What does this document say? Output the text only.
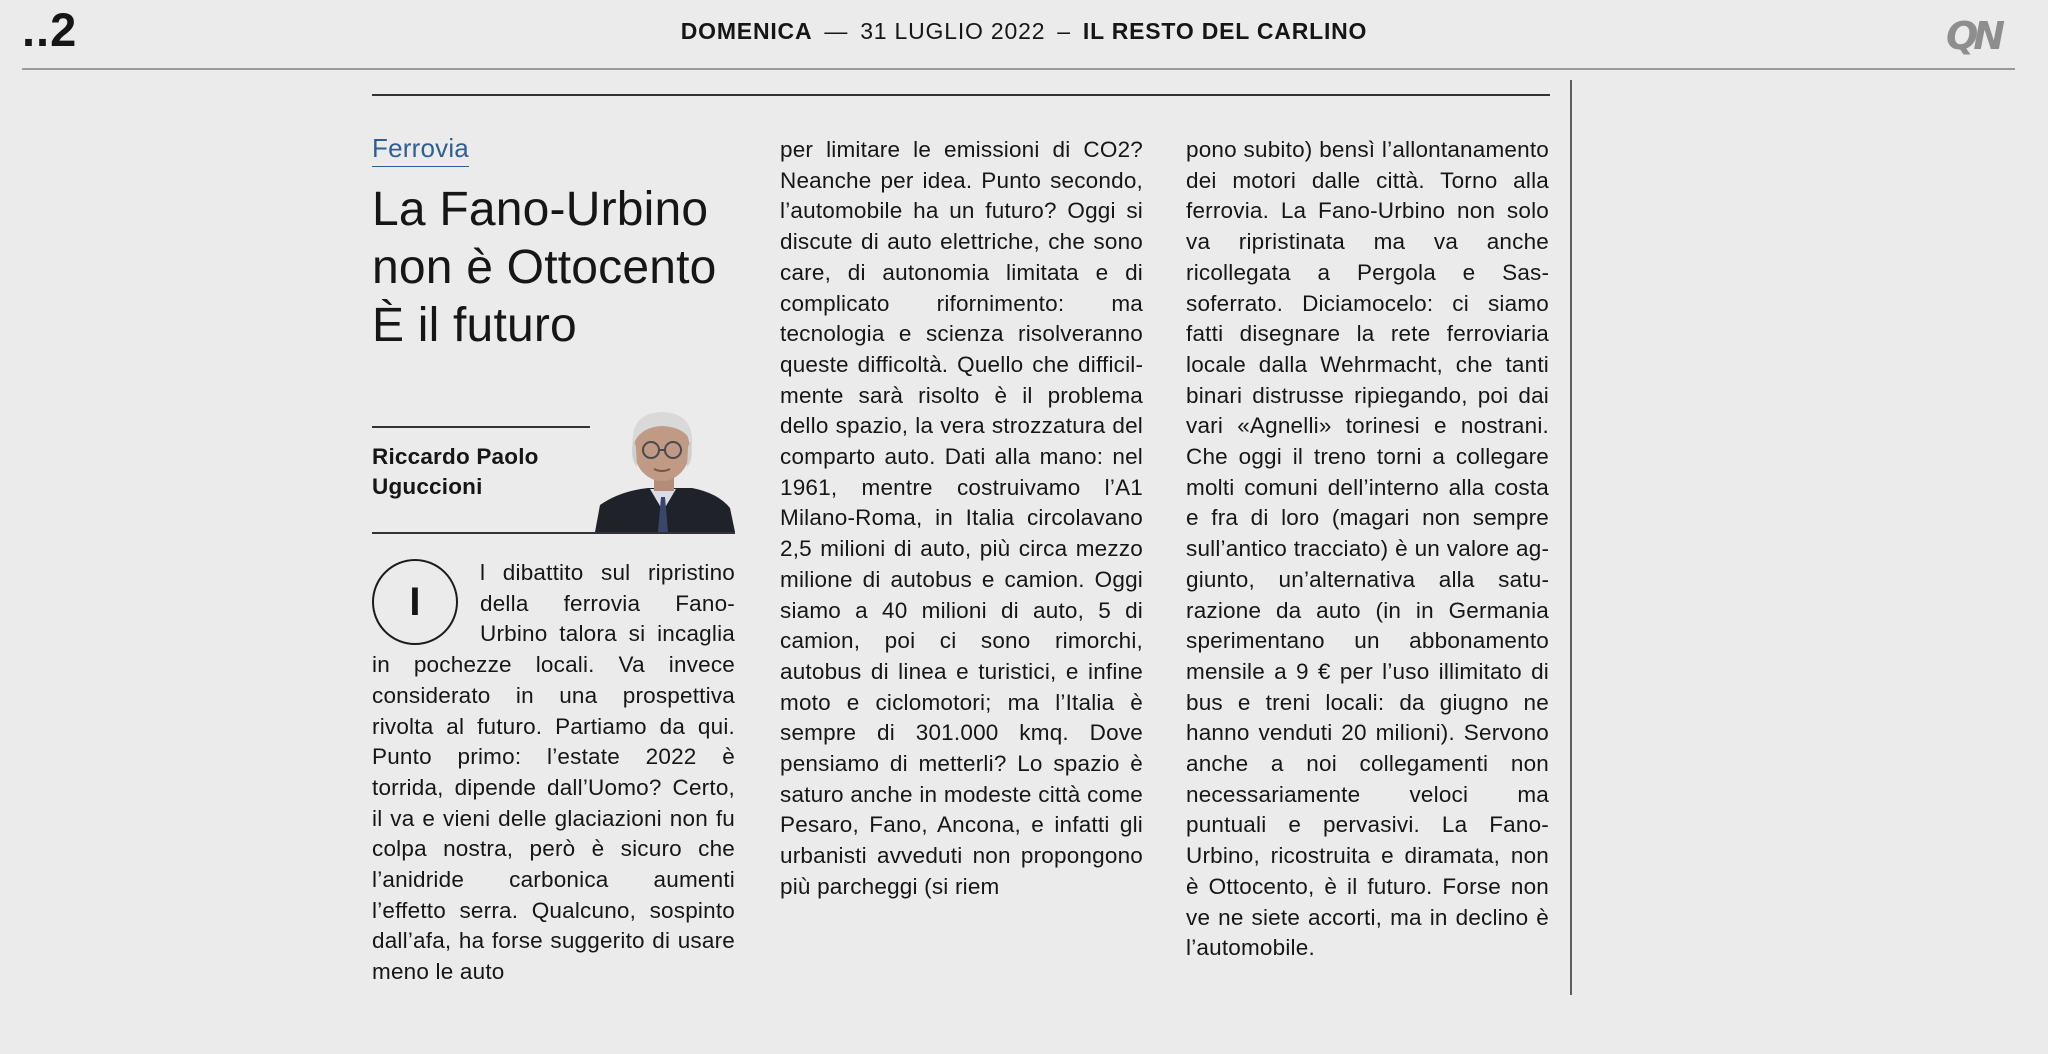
..2	DOMENICA — 31 LUGLIO 2022 – IL RESTO DEL CARLINO	QN
Ferrovia
La Fano-Urbino
non è Ottocento
È il futuro
Riccardo Paolo
Uguccioni
I

l dibattito sul ripristino della ferrovia Fano-Urbino talora si incaglia in pochezze locali. Va invece considerato in una prospettiva rivolta al futuro. Partiamo da qui. Punto primo: l’estate 2022 è torrida, dipende dall’Uomo? Certo, il va e vieni delle glaciazioni non fu colpa nostra, però è sicuro che l’anidride carbonica aumenti l’effetto serra. Qualcuno, sospinto dall’afa, ha forse suggerito di usare meno le auto

per limitare le emissioni di CO2? Neanche per idea. Punto secondo, l’automobile ha un futuro? Oggi si discute di auto elettriche, che sono care, di autonomia limitata e di complicato rifornimento: ma tecnologia e scienza risolveranno queste difficoltà. Quello che difficilmente sarà risolto è il problema dello spazio, la vera strozzatura del comparto auto. Dati alla mano: nel 1961, mentre costruivamo l’A1 Milano-Roma, in Italia circolavano 2,5 milioni di auto, più circa mezzo milione di autobus e camion. Oggi siamo a 40 milioni di auto, 5 di camion, poi ci sono rimorchi, autobus di linea e turistici, e infine moto e ciclomotori; ma l’Italia è sempre di 301.000 kmq. Dove pensiamo di metterli? Lo spazio è saturo anche in modeste città come Pesaro, Fano, Ancona, e infatti gli urbanisti avveduti non propongono più parcheggi (si riem

pono subito) bensì l’allontanamento dei motori dalle città. Torno alla ferrovia. La Fano-Urbino non solo va ripristinata ma va anche ricollegata a Pergola e Sassoferrato. Diciamocelo: ci siamo fatti disegnare la rete ferroviaria locale dalla Wehrmacht, che tanti binari distrusse ripiegando, poi dai vari «Agnelli» torinesi e nostrani. Che oggi il treno torni a collegare molti comuni dell’interno alla costa e fra di loro (magari non sempre sull’antico tracciato) è un valore aggiunto, un’alternativa alla saturazione da auto (in in Germania sperimentano un abbonamento mensile a 9 € per l’uso illimitato di bus e treni locali: da giugno ne hanno venduti 20 milioni). Servono anche a noi collegamenti non necessariamente veloci ma puntuali e pervasivi. La Fano-Urbino, ricostruita e diramata, non è Ottocento, è il futuro. Forse non ve ne siete accorti, ma in declino è l’automobile.
